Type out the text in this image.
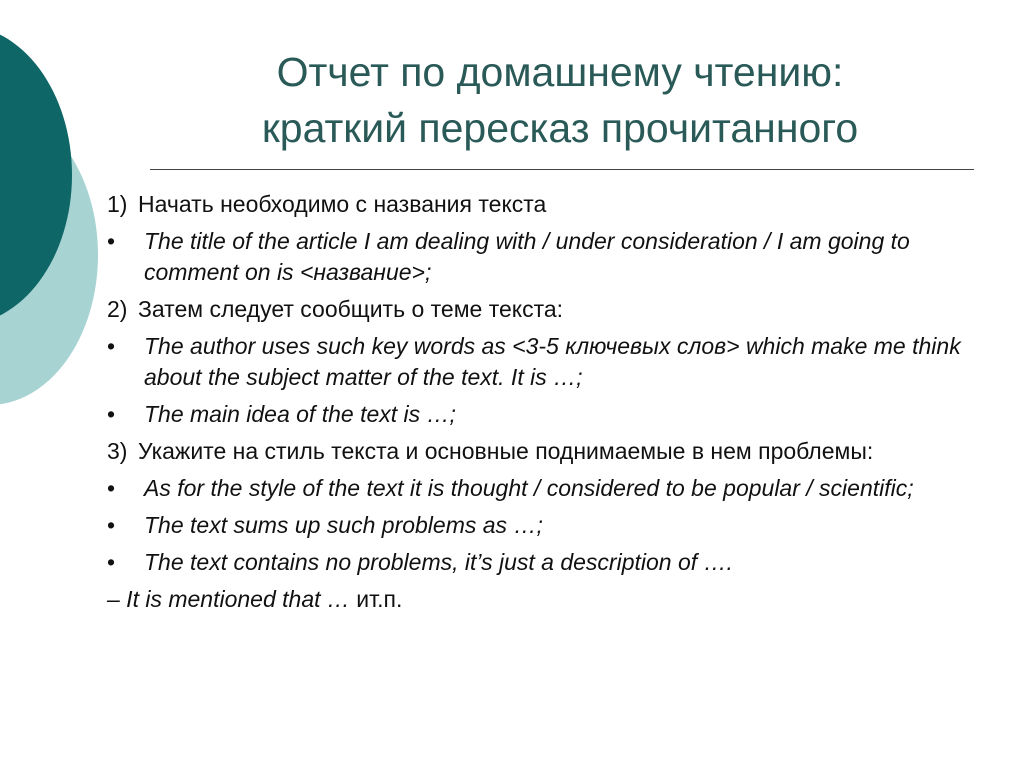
Отчет по домашнему чтению:
краткий пересказ прочитанного
1) Начать необходимо с названия текста
•	The title of the article I am dealing with / under consideration / I am going to comment on is <название>;
2) Затем следует сообщить о теме текста:
•	The author uses such key words as <3-5 ключевых слов> which make me think about the subject matter of the text. It is …;
•	The main idea of the text is …;
3) Укажите на стиль текста и основные поднимаемые в нем проблемы:
•	As for the style of the text it is thought / considered to be popular / scientific;
•	The text sums up such problems as …;
•	The text contains no problems, it’s just a description of ….
– It is mentioned that … ит.п.
